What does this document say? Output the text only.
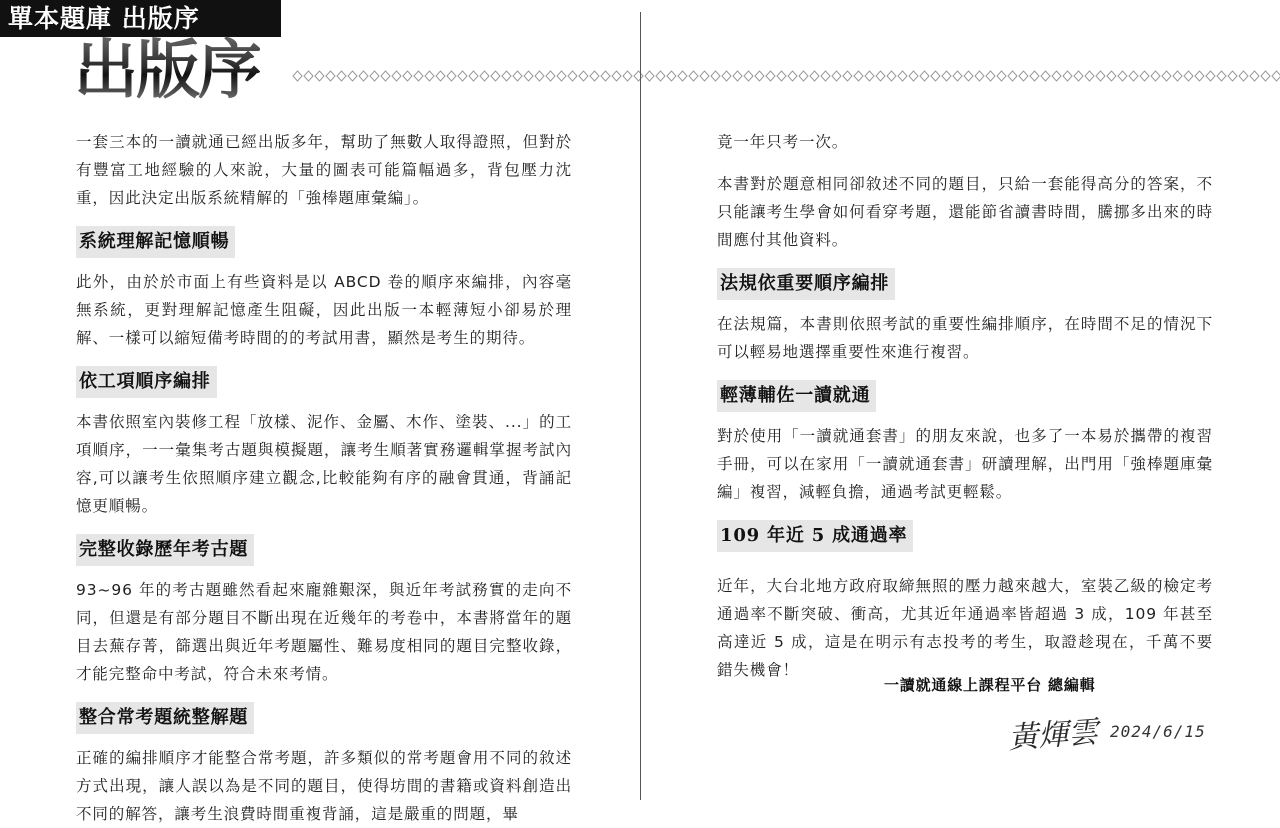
單本題庫 出版序
出版序

一套三本的一讀就通已經出版多年，幫助了無數人取得證照，但對於有豐富工地經驗的人來說，大量的圖表可能篇幅過多，背包壓力沈重，因此決定出版系統精解的「強棒題庫彙編」。

系統理解記憶順暢

此外，由於於市面上有些資料是以 ABCD 卷的順序來編排，內容毫無系統，更對理解記憶產生阻礙，因此出版一本輕薄短小卻易於理解、一樣可以縮短備考時間的的考試用書，顯然是考生的期待。

依工項順序編排

本書依照室內裝修工程「放樣、泥作、金屬、木作、塗裝、...」的工項順序，一一彙集考古題與模擬題，讓考生順著實務邏輯掌握考試內容,可以讓考生依照順序建立觀念,比較能夠有序的融會貫通，背誦記憶更順暢。

完整收錄歷年考古題

93~96 年的考古題雖然看起來龐雜艱深，與近年考試務實的走向不同，但還是有部分題目不斷出現在近幾年的考卷中，本書將當年的題目去蕪存菁，篩選出與近年考題屬性、難易度相同的題目完整收錄，才能完整命中考試，符合未來考情。

整合常考題統整解題

正確的編排順序才能整合常考題，許多類似的常考題會用不同的敘述方式出現，讓人誤以為是不同的題目，使得坊間的書籍或資料創造出不同的解答，讓考生浪費時間重複背誦，這是嚴重的問題，畢

竟一年只考一次。

本書對於題意相同卻敘述不同的題目，只給一套能得高分的答案，不只能讓考生學會如何看穿考題，還能節省讀書時間，騰挪多出來的時間應付其他資料。

法規依重要順序編排

在法規篇，本書則依照考試的重要性編排順序，在時間不足的情況下可以輕易地選擇重要性來進行複習。

輕薄輔佐一讀就通

對於使用「一讀就通套書」的朋友來說，也多了一本易於攜帶的複習手冊，可以在家用「一讀就通套書」研讀理解，出門用「強棒題庫彙編」複習，減輕負擔，通過考試更輕鬆。

109 年近 5 成通過率

近年，大台北地方政府取締無照的壓力越來越大，室裝乙級的檢定考通過率不斷突破、衝高，尤其近年通過率皆超過 3 成，109 年甚至高達近 5 成，這是在明示有志投考的考生，取證趁現在，千萬不要錯失機會！

一讀就通線上課程平台 總編輯
黃煇雲 2024/6/15
